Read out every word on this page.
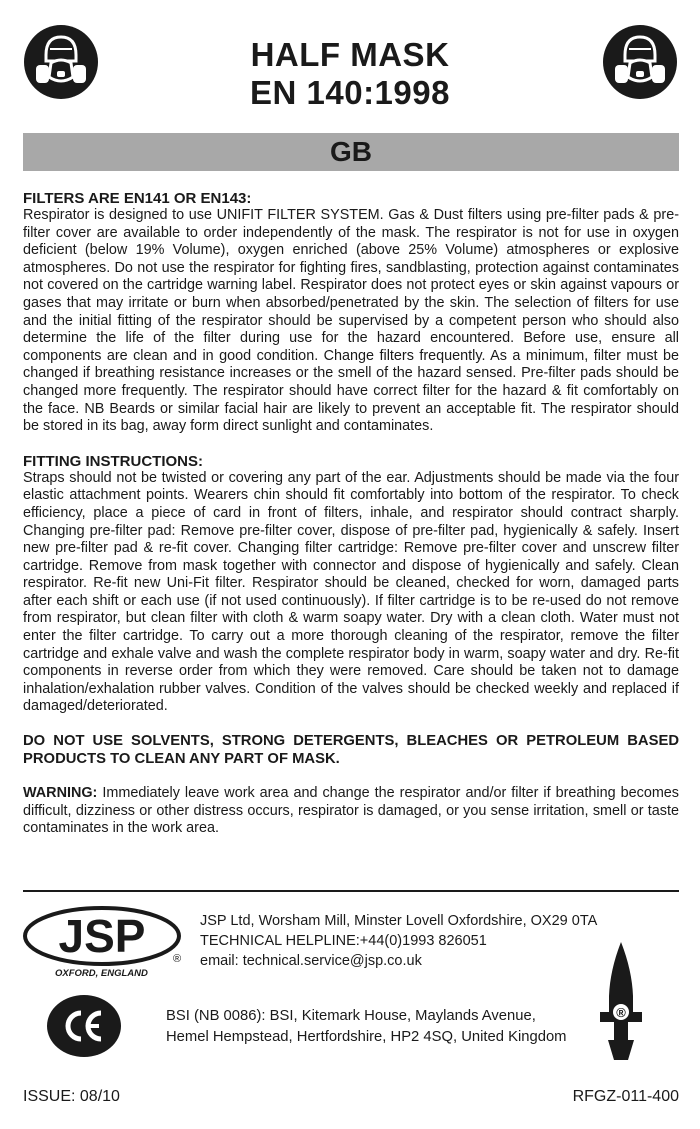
HALF MASK
EN 140:1998
GB
FILTERS ARE EN141 OR EN143:
Respirator is designed to use UNIFIT FILTER SYSTEM. Gas & Dust filters using pre-filter pads & pre-filter cover are available to order independently of the mask. The respirator is not for use in oxygen deficient (below 19% Volume), oxygen enriched (above 25% Volume) atmospheres or explosive atmospheres. Do not use the respirator for fighting fires, sandblasting, protection against contaminates not covered on the cartridge warning label. Respirator does not protect eyes or skin against vapours or gases that may irritate or burn when absorbed/penetrated by the skin. The selection of filters for use and the initial fitting of the respirator should be supervised by a competent person who should also determine the life of the filter during use for the hazard encountered. Before use, ensure all components are clean and in good condition. Change filters frequently. As a minimum, filter must be changed if breathing resistance increases or the smell of the hazard sensed. Pre-filter pads should be changed more frequently. The respirator should have correct filter for the hazard & fit comfortably on the face. NB Beards or similar facial hair are likely to prevent an acceptable fit. The respirator should be stored in its bag, away form direct sunlight and contaminates.
FITTING INSTRUCTIONS:
Straps should not be twisted or covering any part of the ear. Adjustments should be made via the four elastic attachment points. Wearers chin should fit comfortably into bottom of the respirator. To check efficiency, place a piece of card in front of filters, inhale, and respirator should contract sharply. Changing pre-filter pad: Remove pre-filter cover, dispose of pre-filter pad, hygienically & safely. Insert new pre-filter pad & re-fit cover. Changing filter cartridge: Remove pre-filter cover and unscrew filter cartridge. Remove from mask together with connector and dispose of hygienically and safely. Clean respirator. Re-fit new Uni-Fit filter. Respirator should be cleaned, checked for worn, damaged parts after each shift or each use (if not used continuously). If filter cartridge is to be re-used do not remove from respirator, but clean filter with cloth & warm soapy water. Dry with a clean cloth. Water must not enter the filter cartridge. To carry out a more thorough cleaning of the respirator, remove the filter cartridge and exhale valve and wash the complete respirator body in warm, soapy water and dry. Re-fit components in reverse order from which they were removed. Care should be taken not to damage inhalation/exhalation rubber valves. Condition of the valves should be checked weekly and replaced if damaged/deteriorated.
DO NOT USE SOLVENTS, STRONG DETERGENTS, BLEACHES OR PETROLEUM BASED PRODUCTS TO CLEAN ANY PART OF MASK.
WARNING: Immediately leave work area and change the respirator and/or filter if breathing becomes difficult, dizziness or other distress occurs, respirator is damaged, or you sense irritation, smell or taste contaminates in the work area.
JSP	®
OXFORD, ENGLAND
JSP Ltd, Worsham Mill, Minster Lovell Oxfordshire, OX29 0TA
TECHNICAL HELPLINE:+44(0)1993 826051
email: technical.service@jsp.co.uk
BSI (NB 0086): BSI, Kitemark House, Maylands Avenue,
Hemel Hempstead, Hertfordshire, HP2 4SQ, United Kingdom
®
ISSUE: 08/10	RFGZ-011-400
